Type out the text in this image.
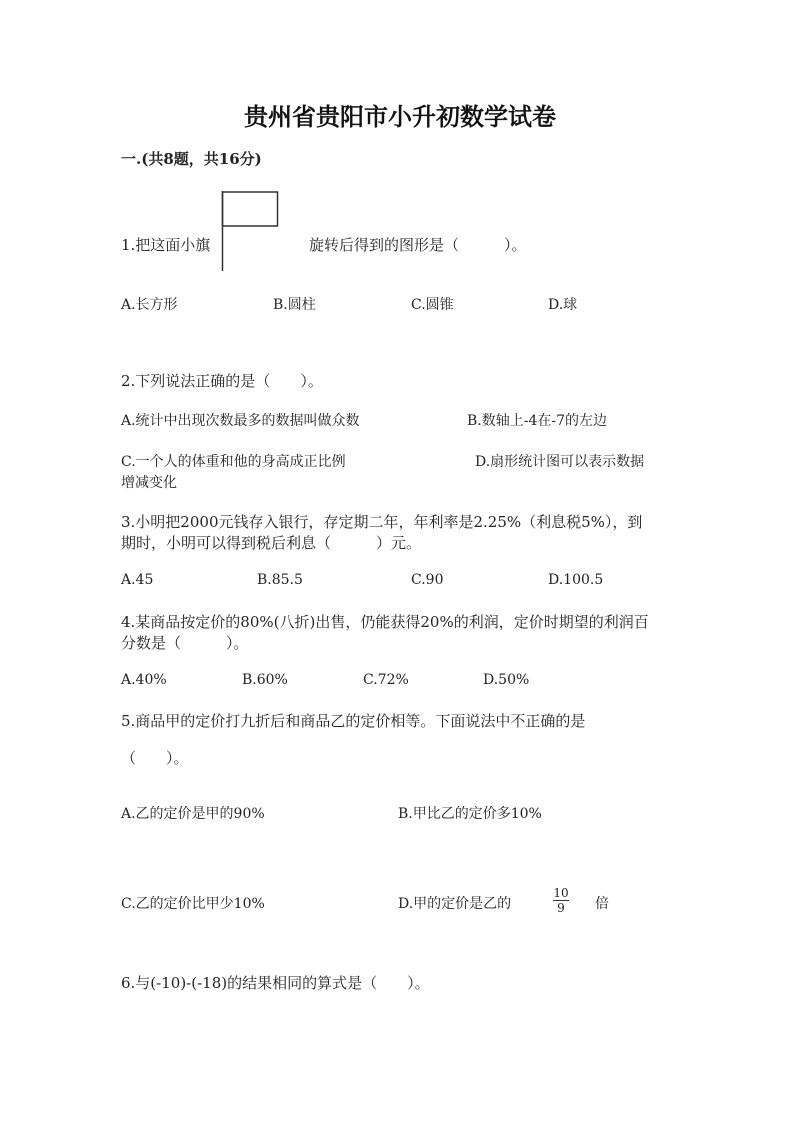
贵州省贵阳市小升初数学试卷
一.(共8题，共16分)
1.把这面小旗	旋转后得到的图形是（　　　）。
A.长方形	B.圆柱	C.圆锥	D.球
2.下列说法正确的是（　　）。
A.统计中出现次数最多的数据叫做众数	B.数轴上-4在-7的左边
C.一个人的体重和他的身高成正比例	D.扇形统计图可以表示数据
增减变化
3.小明把2000元钱存入银行，存定期二年，年利率是2.25%（利息税5%），到
期时，小明可以得到税后利息（　　　）元。
A.45	B.85.5	C.90	D.100.5
4.某商品按定价的80%(八折)出售，仍能获得20%的利润，定价时期望的利润百
分数是（　　　）。
A.40%	B.60%	C.72%	D.50%
5.商品甲的定价打九折后和商品乙的定价相等。下面说法中不正确的是
（　　）。
A.乙的定价是甲的90%	B.甲比乙的定价多10%
C.乙的定价比甲少10%	D.甲的定价是乙的
10
9	倍
6.与(-10)-(-18)的结果相同的算式是（　　）。
